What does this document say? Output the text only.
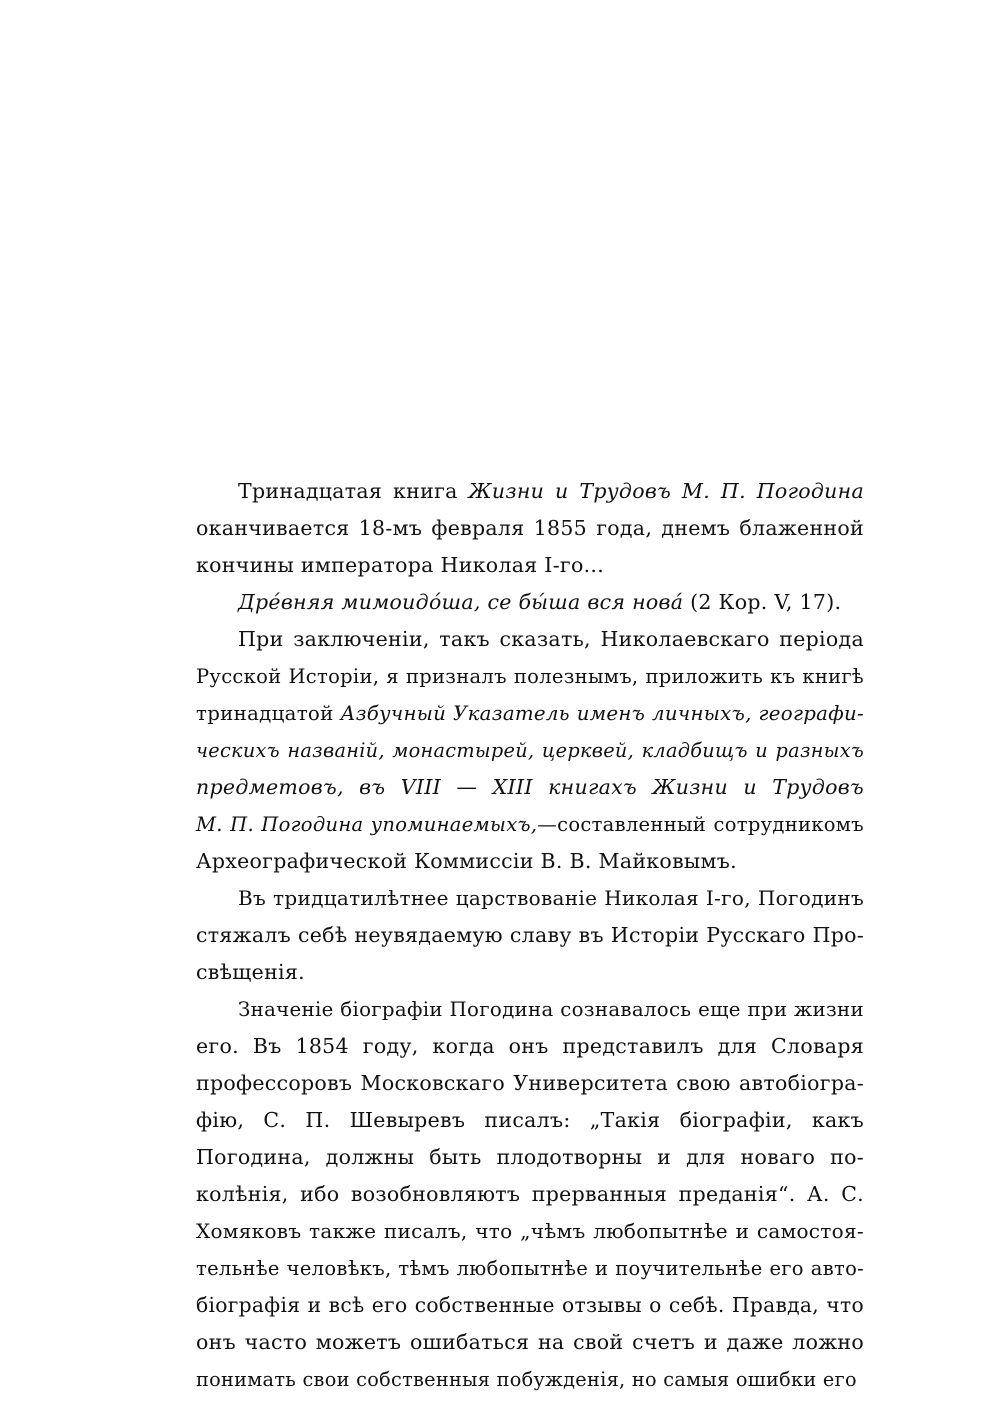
Тринадцатая книга Жизни и Трудовъ М. П. Погодина
оканчивается 18-мъ февраля 1855 года, днемъ блаженной
кончины императора Николая I-го...
Дрéвняя мимоидóша, се бы́ша вся нова́ (2 Кор. V, 17).
При заключеніи, такъ сказать, Николаевскаго періода
Русской Исторіи, я призналъ полезнымъ, приложить къ книгѣ
тринадцатой Азбучный Указатель именъ личныхъ, географи-
ческихъ названій, монастырей, церквей, кладбищъ и разныхъ
предметовъ, въ VIII — XIII книгахъ Жизни и Трудовъ
М. П. Погодина упоминаемыхъ,—составленный сотрудникомъ
Археографической Коммиссіи В. В. Майковымъ.
Въ тридцатилѣтнее царствованіе Николая I-го, Погодинъ
стяжалъ себѣ неувядаемую славу въ Исторіи Русскаго Про-
свѣщенія.
Значеніе біографіи Погодина сознавалось еще при жизни
его. Въ 1854 году, когда онъ представилъ для Словаря
профессоровъ Московскаго Университета свою автобіогра-
фію, С. П. Шевыревъ писалъ: „Такія біографіи, какъ
Погодина, должны быть плодотворны и для новаго по-
колѣнія, ибо возобновляютъ прерванныя преданія“. А. С.
Хомяковъ также писалъ, что „чѣмъ любопытнѣе и самостоя-
тельнѣе человѣкъ, тѣмъ любопытнѣе и поучительнѣе его авто-
біографія и всѣ его собственные отзывы о себѣ. Правда, что
онъ часто можетъ ошибаться на свой счетъ и даже ложно
понимать свои собственныя побужденія, но самыя ошибки его
